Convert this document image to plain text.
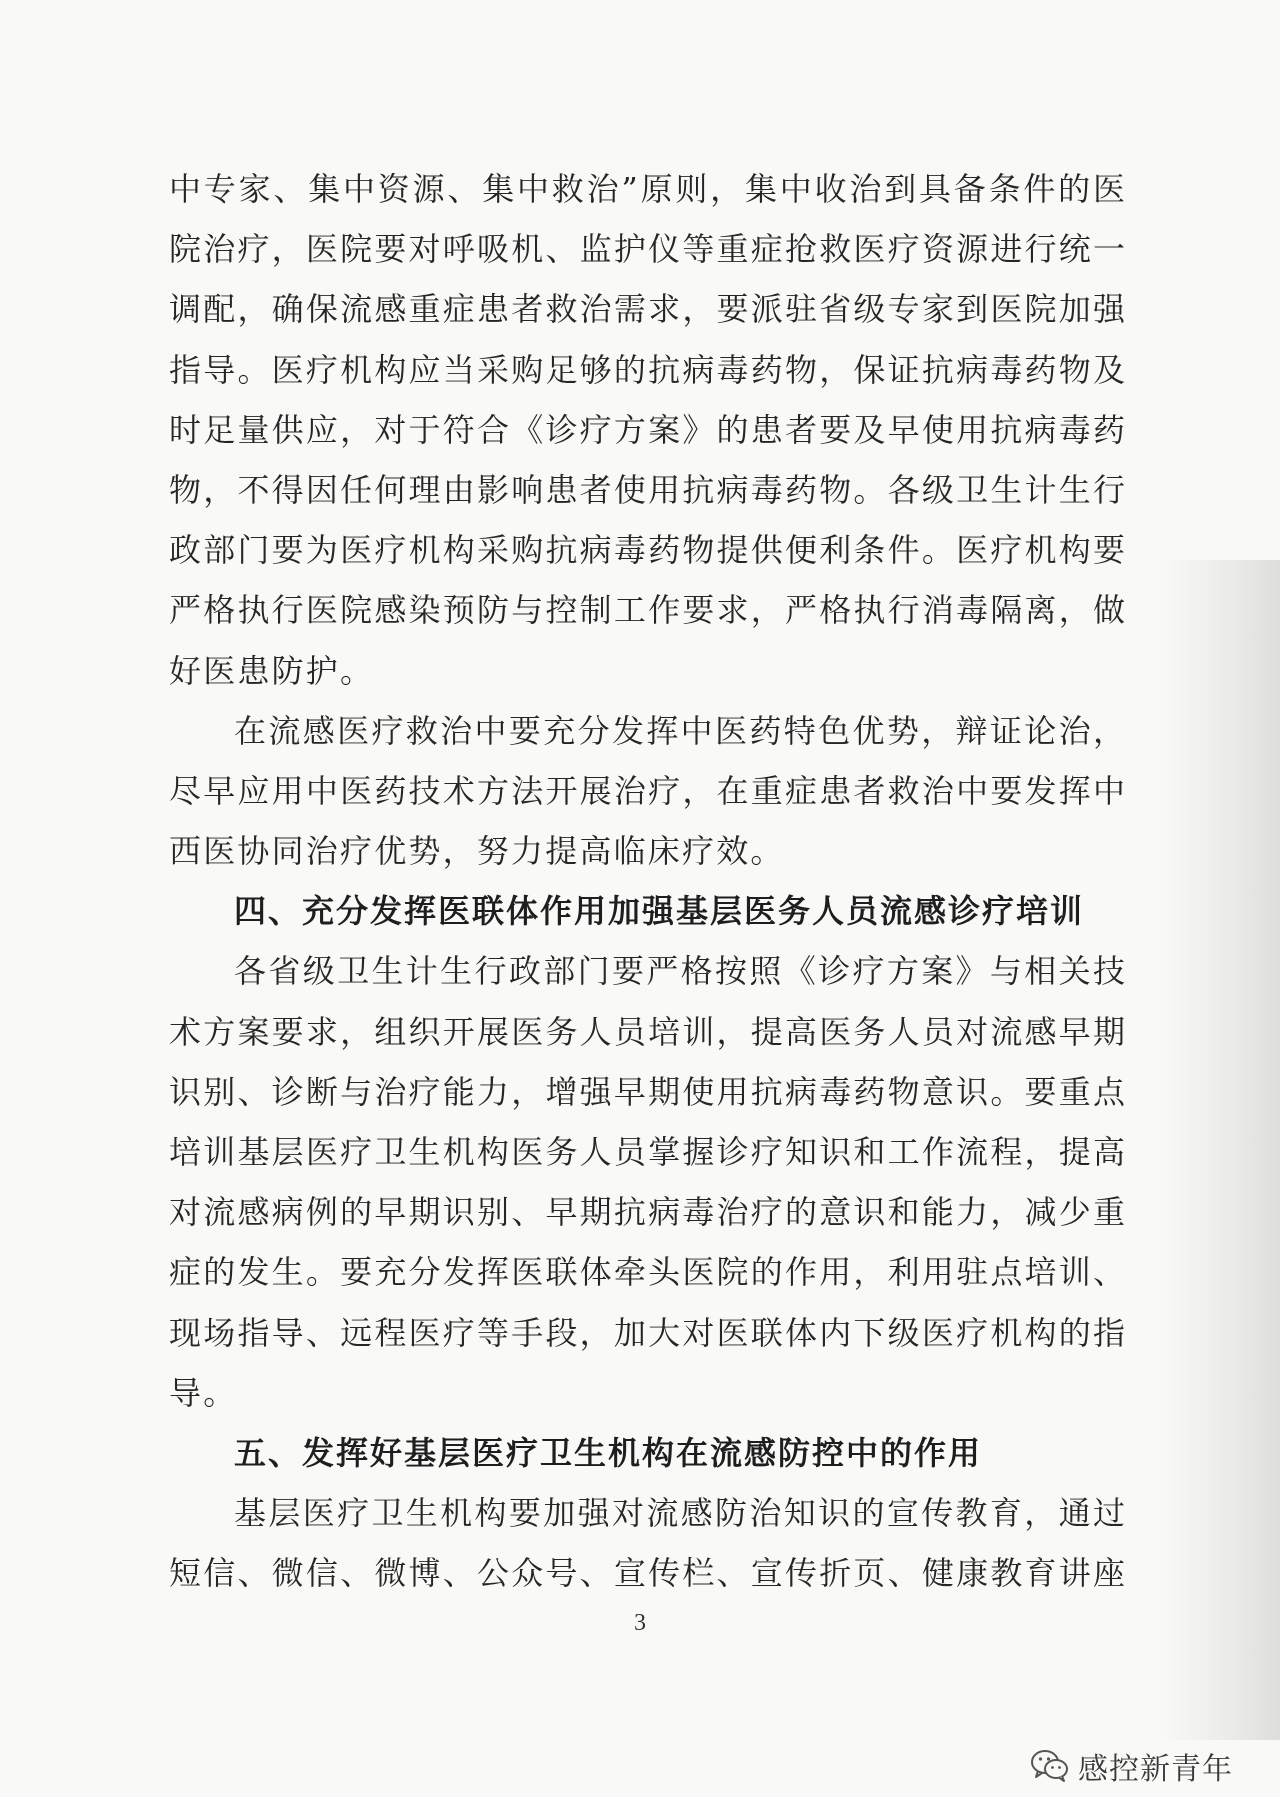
中专家、集中资源、集中救治”原则，集中收治到具备条件的医
院治疗，医院要对呼吸机、监护仪等重症抢救医疗资源进行统一
调配，确保流感重症患者救治需求，要派驻省级专家到医院加强
指导。医疗机构应当采购足够的抗病毒药物，保证抗病毒药物及
时足量供应，对于符合《诊疗方案》的患者要及早使用抗病毒药
物，不得因任何理由影响患者使用抗病毒药物。各级卫生计生行
政部门要为医疗机构采购抗病毒药物提供便利条件。医疗机构要
严格执行医院感染预防与控制工作要求，严格执行消毒隔离，做
好医患防护。
在流感医疗救治中要充分发挥中医药特色优势，辩证论治，
尽早应用中医药技术方法开展治疗，在重症患者救治中要发挥中
西医协同治疗优势，努力提高临床疗效。
四、充分发挥医联体作用加强基层医务人员流感诊疗培训
各省级卫生计生行政部门要严格按照《诊疗方案》与相关技
术方案要求，组织开展医务人员培训，提高医务人员对流感早期
识别、诊断与治疗能力，增强早期使用抗病毒药物意识。要重点
培训基层医疗卫生机构医务人员掌握诊疗知识和工作流程，提高
对流感病例的早期识别、早期抗病毒治疗的意识和能力，减少重
症的发生。要充分发挥医联体牵头医院的作用，利用驻点培训、
现场指导、远程医疗等手段，加大对医联体内下级医疗机构的指
导。
五、发挥好基层医疗卫生机构在流感防控中的作用
基层医疗卫生机构要加强对流感防治知识的宣传教育，通过
短信、微信、微博、公众号、宣传栏、宣传折页、健康教育讲座
3
感控新青年
